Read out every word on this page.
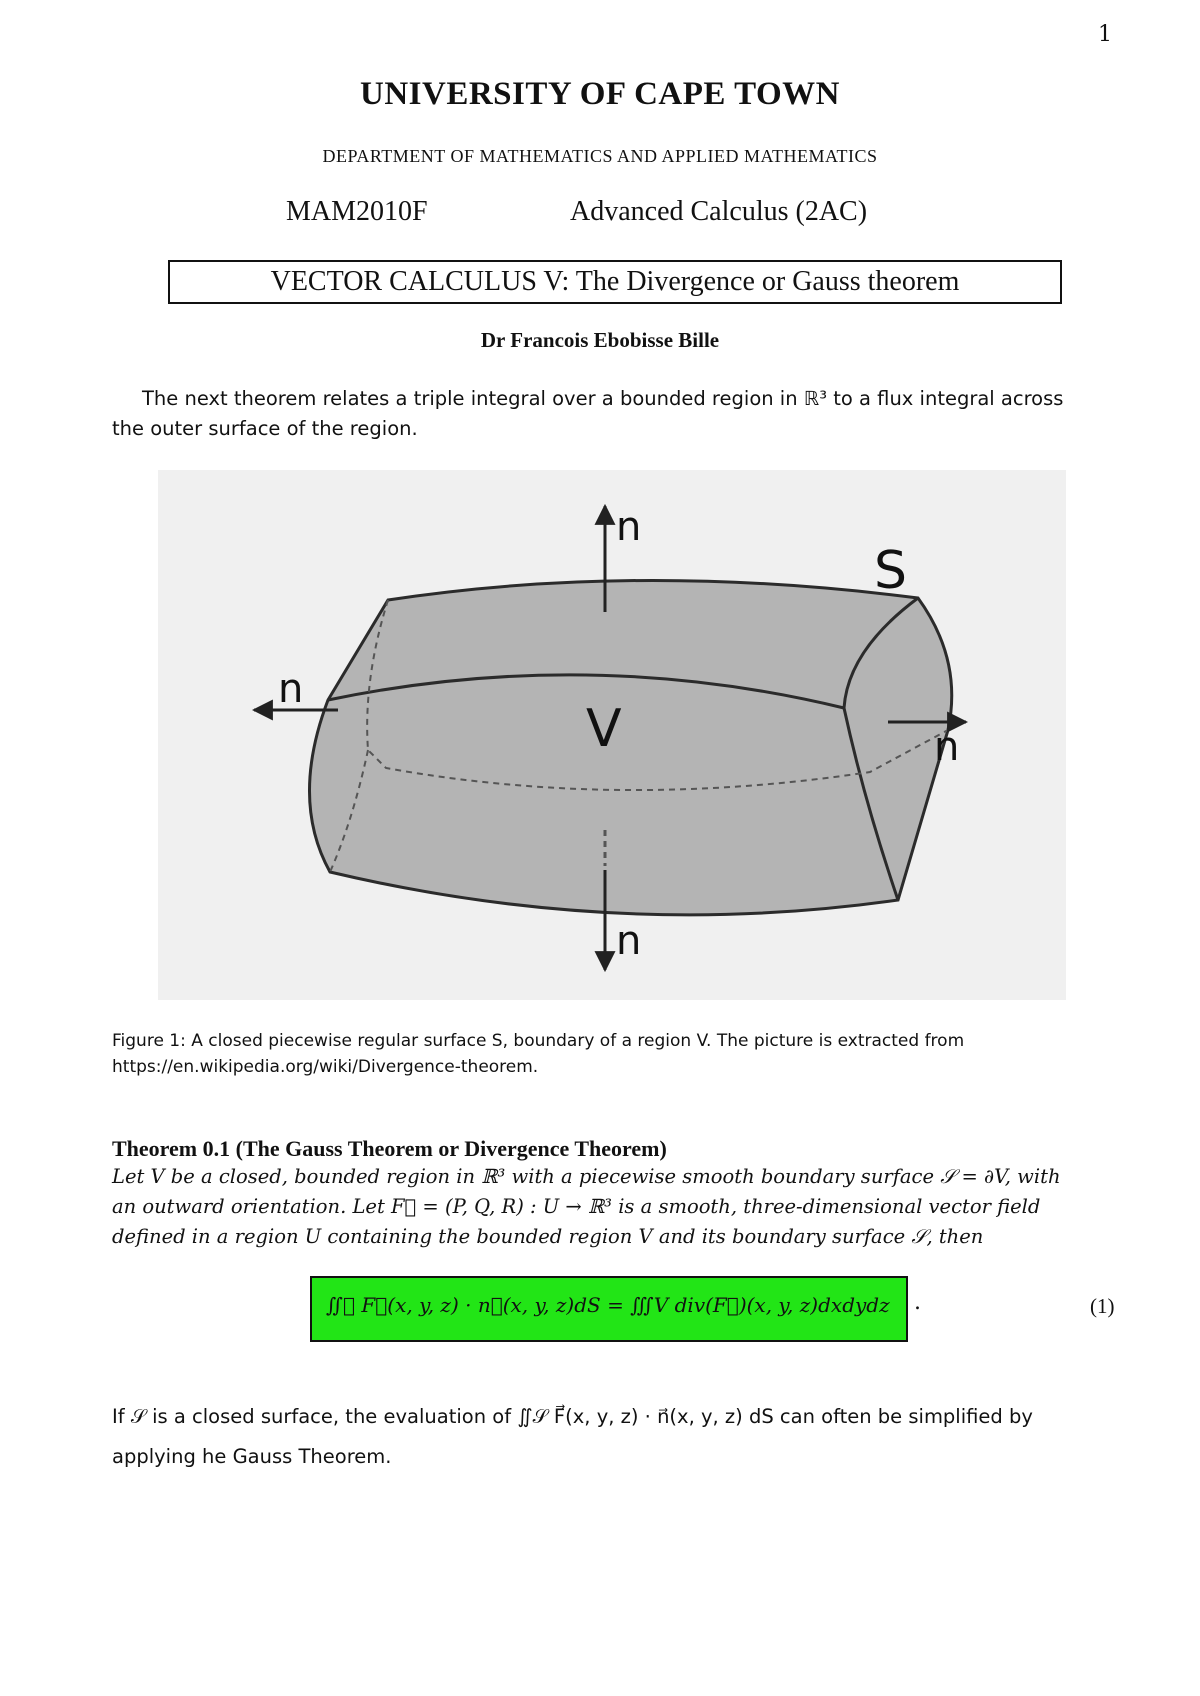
1
UNIVERSITY OF CAPE TOWN
DEPARTMENT OF MATHEMATICS AND APPLIED MATHEMATICS
MAM2010F	Advanced Calculus (2AC)
VECTOR CALCULUS V: The Divergence or Gauss theorem
Dr Francois Ebobisse Bille
The next theorem relates a triple integral over a bounded region in ℝ³ to a flux integral across
the outer surface of the region.
n
n
n
n
S
V
Figure 1: A closed piecewise regular surface S, boundary of a region V. The picture is extracted from
https://en.wikipedia.org/wiki/Divergence-theorem.
Theorem 0.1 (The Gauss Theorem or Divergence Theorem)
Let V be a closed, bounded region in ℝ³ with a piecewise smooth boundary surface 𝒮 = ∂V, with
an outward orientation. Let F⃗ = (P, Q, R) : U → ℝ³ is a smooth, three-dimensional vector field
defined in a region U containing the bounded region V and its boundary surface 𝒮, then
∬𝒮 F⃗(x, y, z) · n⃗(x, y, z)dS = ∭V div(F⃗)(x, y, z)dxdydz .	(1)
If 𝒮 is a closed surface, the evaluation of ∬𝒮 F⃗(x, y, z) · n⃗(x, y, z) dS can often be simplified by
applying he Gauss Theorem.
